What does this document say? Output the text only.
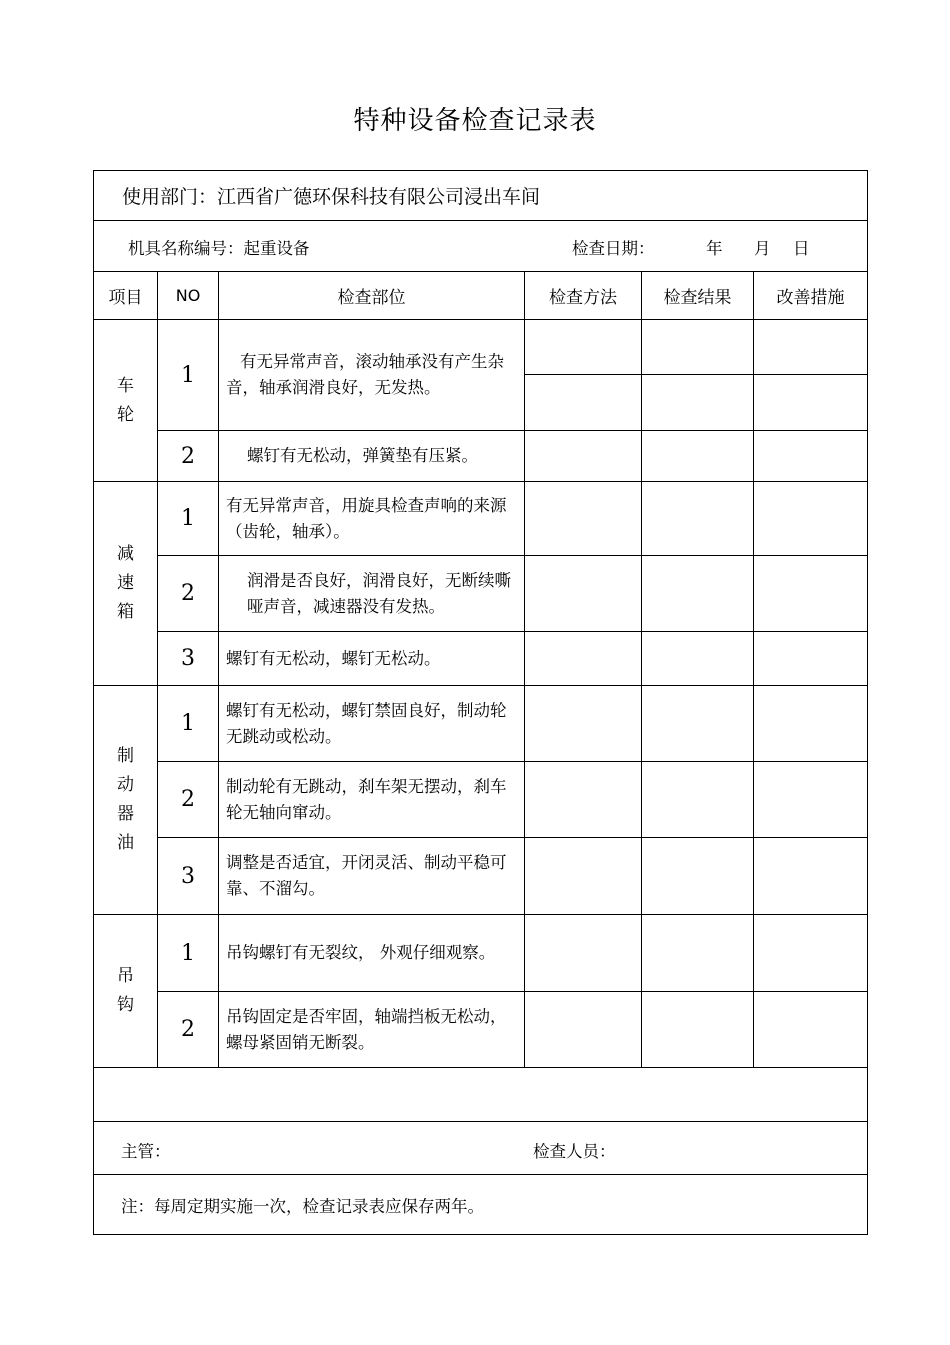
特种设备检查记录表
使用部门：江西省广德环保科技有限公司浸出车间					

机具名称编号：起重设备 检查日期： 年 月 日					

项目	NO	检查部位	检查方法	检查结果	改善措施

车
轮	1	有无异常声音，滚动轴承没有产生杂音，轴承润滑良好，无发热。			

	2	螺钉有无松动，弹簧垫有压紧。			

减
速
箱	1	有无异常声音，用旋具检查声响的来源（齿轮，轴承）。			
	2	润滑是否良好，润滑良好，无断续嘶哑声音，减速器没有发热。			
	3	螺钉有无松动，螺钉无松动。			

制
动
器
油	1	螺钉有无松动，螺钉禁固良好，制动轮无跳动或松动。			
	2	制动轮有无跳动，刹车架无摆动，刹车轮无轴向窜动。			
	3	调整是否适宜，开闭灵活、制动平稳可靠、不溜勾。			

吊
钩	1	吊钩螺钉有无裂纹， 外观仔细观察。			
	2	吊钩固定是否牢固，轴端挡板无松动，螺母紧固销无断裂。			

主管： 检查人员：					

注：每周定期实施一次，检查记录表应保存两年。					
